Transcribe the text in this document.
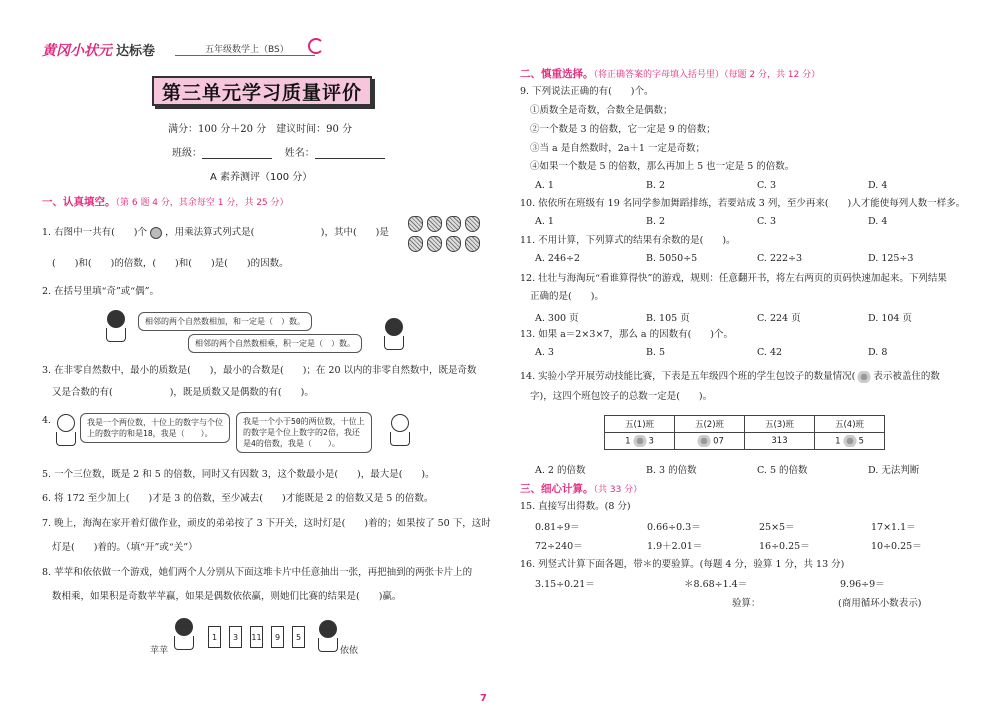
黄冈小状元 达标卷	五年级数学上（BS）
第三单元学习质量评价
满分：100 分＋20 分　建议时间：90 分
班级：	姓名：
A 素养测评（100 分）
一、认真填空。（第 6 题 4 分，其余每空 1 分，共 25 分）
1. 右图中一共有(　　)个 ，用乘法算式列式是(　　　　　　　)，其中(　　)是
(　　)和(　　)的倍数，(　　)和(　　)是(　　)的因数。
2. 在括号里填“奇”或“偶”。
相邻的两个自然数相加，和一定是（　）数。
相邻的两个自然数相乘，积一定是（　）数。
3. 在非零自然数中，最小的质数是(　　)，最小的合数是(　　)；在 20 以内的非零自然数中，既是奇数
又是合数的有(　　　　　　)，既是质数又是偶数的有(　　)。
4.	我是一个两位数，十位上的数字与个位
上的数字的和是18，我是（　　）。
我是一个小于50的两位数，十位上
的数字是个位上数字的2倍，我还
是4的倍数，我是（　　）。
5. 一个三位数，既是 2 和 5 的倍数，同时又有因数 3，这个数最小是(　　)，最大是(　　)。
6. 将 172 至少加上(　　)才是 3 的倍数，至少减去(　　)才能既是 2 的倍数又是 5 的倍数。
7. 晚上，海淘在家开着灯做作业，顽皮的弟弟按了 3 下开关，这时灯是(　　)着的；如果按了 50 下，这时
灯是(　　)着的。（填“开”或“关”）
8. 苹苹和依依做一个游戏，她们两个人分别从下面这堆卡片中任意抽出一张，再把抽到的两张卡片上的
数相乘，如果积是奇数苹苹赢，如果是偶数依依赢，则她们比赛的结果是(　　)赢。
苹苹
1	3	11	9	5
依依
二、慎重选择。（将正确答案的字母填入括号里）（每题 2 分，共 12 分）
9. 下列说法正确的有(　　)个。
①质数全是奇数，合数全是偶数；
②一个数是 3 的倍数，它一定是 9 的倍数；
③当 a 是自然数时，2a＋1 一定是奇数；
④如果一个数是 5 的倍数，那么再加上 5 也一定是 5 的倍数。
A. 1	B. 2	C. 3	D. 4
10. 依依所在班级有 19 名同学参加舞蹈排练，若要站成 3 列，至少再来(　　)人才能使每列人数一样多。
A. 1	B. 2	C. 3	D. 4
11. 不用计算，下列算式的结果有余数的是(　　)。
A. 246÷2	B. 5050÷5	C. 222÷3	D. 125÷3
12. 壮壮与海淘玩“看谁算得快”的游戏，规则：任意翻开书，将左右两页的页码快速加起来。下列结果
正确的是(　　)。
A. 300 页	B. 105 页	C. 224 页	D. 104 页
13. 如果 a＝2×3×7，那么 a 的因数有(　　)个。
A. 3	B. 5	C. 42	D. 8
14. 实验小学开展劳动技能比赛，下表是五年级四个班的学生包饺子的数量情况( 表示被盖住的数
字)，这四个班包饺子的总数一定是(　　)。
五(1)班	五(2)班	五(3)班	五(4)班
1 3	07	313	1 5
A. 2 的倍数	B. 3 的倍数	C. 5 的倍数	D. 无法判断
三、细心计算。（共 33 分）
15. 直接写出得数。(8 分)
0.81÷9＝	0.66÷0.3＝	25×5＝	17×1.1＝
72÷240＝	1.9＋2.01＝	16÷0.25＝	10÷0.25＝
16. 列竖式计算下面各题，带＊的要验算。(每题 4 分，验算 1 分，共 13 分)
3.15÷0.21＝	＊8.68÷1.4＝	9.96÷9＝
验算：	(商用循环小数表示)
7
